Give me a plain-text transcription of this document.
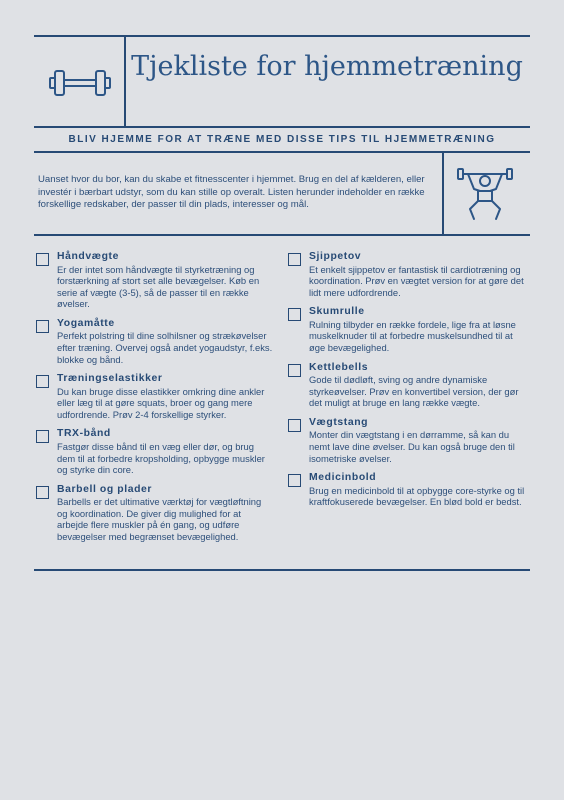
Tjekliste for hjemmetræning
BLIV HJEMME FOR AT TRÆNE MED DISSE TIPS TIL HJEMMETRÆNING

Uanset hvor du bor, kan du skabe et fitnesscenter i hjemmet. Brug en del af kælderen, eller investér i bærbart udstyr, som du kan stille op overalt. Listen herunder indeholder en række forskellige redskaber, der passer til din plads, interesser og mål.

Håndvægte
Er der intet som håndvægte til styrketræning og forstærkning af stort set alle bevægelser. Køb en serie af vægte (3-5), så de passer til en række øvelser.
Yogamåtte
Perfekt polstring til dine solhilsner og strækøvelser efter træning. Overvej også andet yogaudstyr, f.eks. blokke og bånd.
Træningselastikker
Du kan bruge disse elastikker omkring dine ankler eller læg til at gøre squats, broer og gang mere udfordrende. Prøv 2-4 forskellige styrker.
TRX-bånd
Fastgør disse bånd til en væg eller dør, og brug dem til at forbedre kropsholding, opbygge muskler og styrke din core.
Barbell og plader
Barbells er det ultimative værktøj for vægtløftning og koordination. De giver dig mulighed for at arbejde flere muskler på én gang, og udføre bevægelser med begrænset bevægelighed.
Sjippetov
Et enkelt sjippetov er fantastisk til cardiotræning og koordination. Prøv en vægtet version for at gøre det lidt mere udfordrende.
Skumrulle
Rulning tilbyder en række fordele, lige fra at løsne muskelknuder til at forbedre muskelsundhed til at øge bevægelighed.
Kettlebells
Gode til dødløft, sving og andre dynamiske styrkeøvelser. Prøv en konvertibel version, der gør det muligt at bruge en lang række vægte.
Vægtstang
Monter din vægtstang i en dørramme, så kan du nemt lave dine øvelser. Du kan også bruge den til isometriske øvelser.
Medicinbold
Brug en medicinbold til at opbygge core-styrke og til kraftfokuserede bevægelser. En blød bold er bedst.
